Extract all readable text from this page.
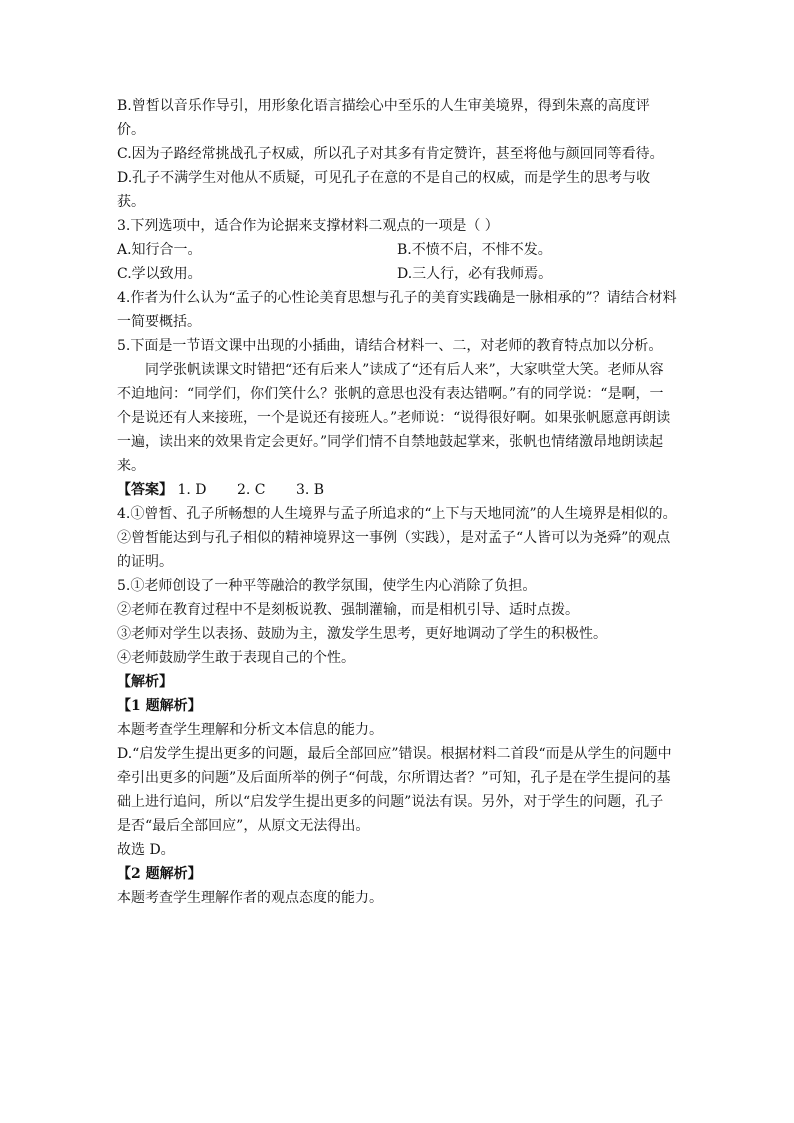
B.曾皙以音乐作导引，用形象化语言描绘心中至乐的人生审美境界，得到朱熹的高度评价。

C.因为子路经常挑战孔子权威，所以孔子对其多有肯定赞许，甚至将他与颜回同等看待。

D.孔子不满学生对他从不质疑，可见孔子在意的不是自己的权威，而是学生的思考与收获。

3.下列选项中，适合作为论据来支撑材料二观点的一项是（ ）

A.知行合一。	B.不愤不启，不悱不发。
C.学以致用。	D.三人行，必有我师焉。

4.作者为什么认为“孟子的心性论美育思想与孔子的美育实践确是一脉相承的”？请结合材料一简要概括。

5.下面是一节语文课中出现的小插曲，请结合材料一、二，对老师的教育特点加以分析。

同学张帆读课文时错把“还有后来人”读成了“还有后人来”，大家哄堂大笑。老师从容不迫地问：“同学们，你们笑什么？张帆的意思也没有表达错啊。”有的同学说：“是啊，一个是说还有人来接班，一个是说还有接班人。”老师说：“说得很好啊。如果张帆愿意再朗读一遍，读出来的效果肯定会更好。”同学们情不自禁地鼓起掌来，张帆也情绪激昂地朗读起来。

【答案】 1. D 2. C 3. B

4.①曾皙、孔子所畅想的人生境界与孟子所追求的“上下与天地同流”的人生境界是相似的。

②曾皙能达到与孔子相似的精神境界这一事例（实践），是对孟子“人皆可以为尧舜”的观点的证明。

5.①老师创设了一种平等融洽的教学氛围，使学生内心消除了负担。

②老师在教育过程中不是刻板说教、强制灌输，而是相机引导、适时点拨。

③老师对学生以表扬、鼓励为主，激发学生思考，更好地调动了学生的积极性。

④老师鼓励学生敢于表现自己的个性。

【解析】

【1 题解析】

本题考查学生理解和分析文本信息的能力。

D.“启发学生提出更多的问题，最后全部回应”错误。根据材料二首段“而是从学生的问题中牵引出更多的问题”及后面所举的例子“何哉，尔所谓达者？”可知，孔子是在学生提问的基础上进行追问，所以“启发学生提出更多的问题”说法有误。另外，对于学生的问题，孔子是否“最后全部回应”，从原文无法得出。

故选 D。

【2 题解析】

本题考查学生理解作者的观点态度的能力。
